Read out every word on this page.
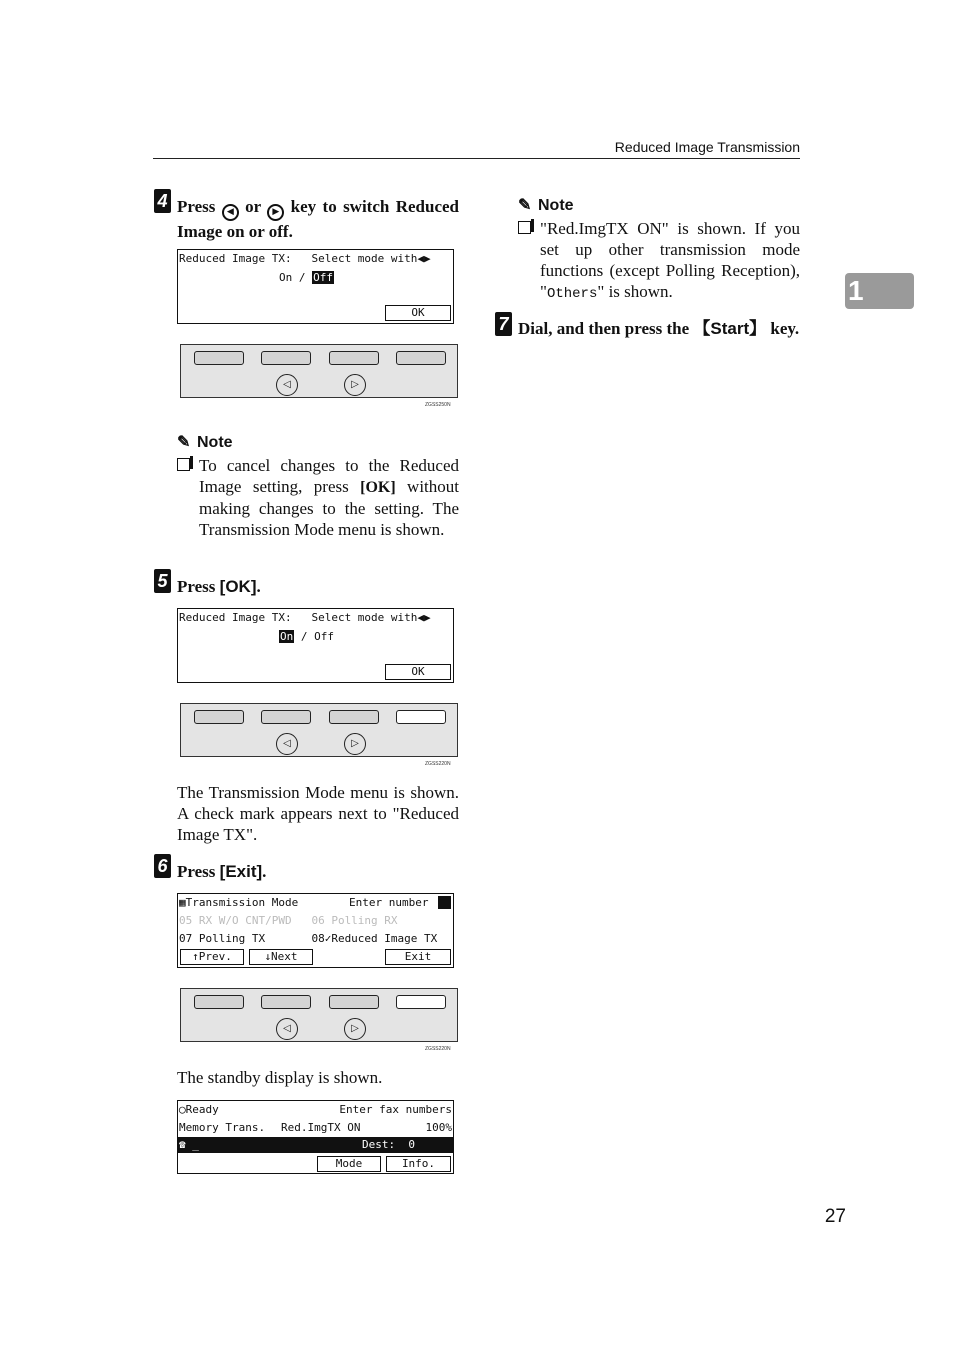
Reduced Image Transmission
1
27
4 Press ◀ or ▶ key to switch Reduced Image on or off.
Reduced Image TX:   Select mode with◀▶
On / Off
OK
◁	▷
ZGSS250N
✎ Note
To cancel changes to the Reduced Image setting, press [OK] without making changes to the setting. The Transmission Mode menu is shown.
5 Press [OK].
Reduced Image TX:   Select mode with◀▶
On / Off
OK
◁	▷
ZGSS220N
The Transmission Mode menu is shown. A check mark appears next to "Reduced Image TX".
6 Press [Exit].
▦Transmission Mode	Enter number
05 RX W/O CNT/PWD   06 Polling RX
07 Polling TX       08✓Reduced Image TX
↑Prev.	↓Next	Exit
◁	▷
ZGSS220N
The standby display is shown.
◯Ready	Enter fax numbers
Memory Trans. Red.ImgTX ON	100%
☎ _	Dest:  0
Mode	Info.
✎ Note
"Red.ImgTX ON" is shown. If you set up other transmission mode functions (except Polling Reception), "Others" is shown.
7 Dial, and then press the 【Start】 key.
